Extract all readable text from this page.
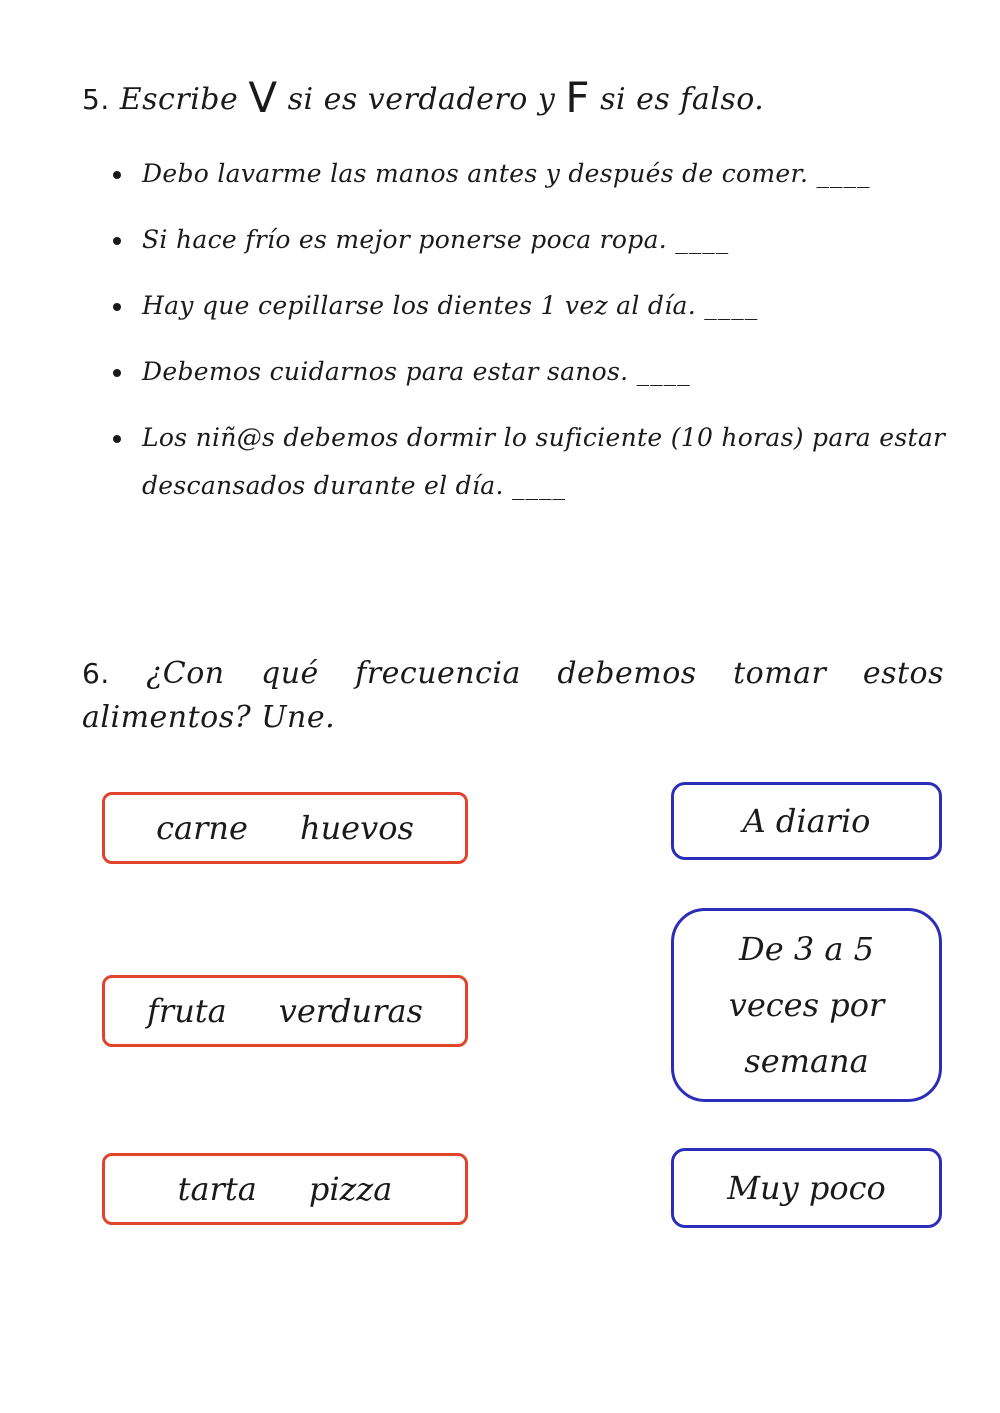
5. Escribe V si es verdadero y F si es falso.
Debo lavarme las manos antes y después de comer. ____
Si hace frío es mejor ponerse poca ropa. ____
Hay que cepillarse los dientes 1 vez al día. ____
Debemos cuidarnos para estar sanos. ____
Los niñ@s debemos dormir lo suficiente (10 horas) para estar
descansados durante el día. ____
6. ¿Con qué frecuencia debemos tomar estos alimentos? Une.
carne huevos
fruta verduras
tarta pizza
A diario
De 3 a 5
veces por
semana
Muy poco
